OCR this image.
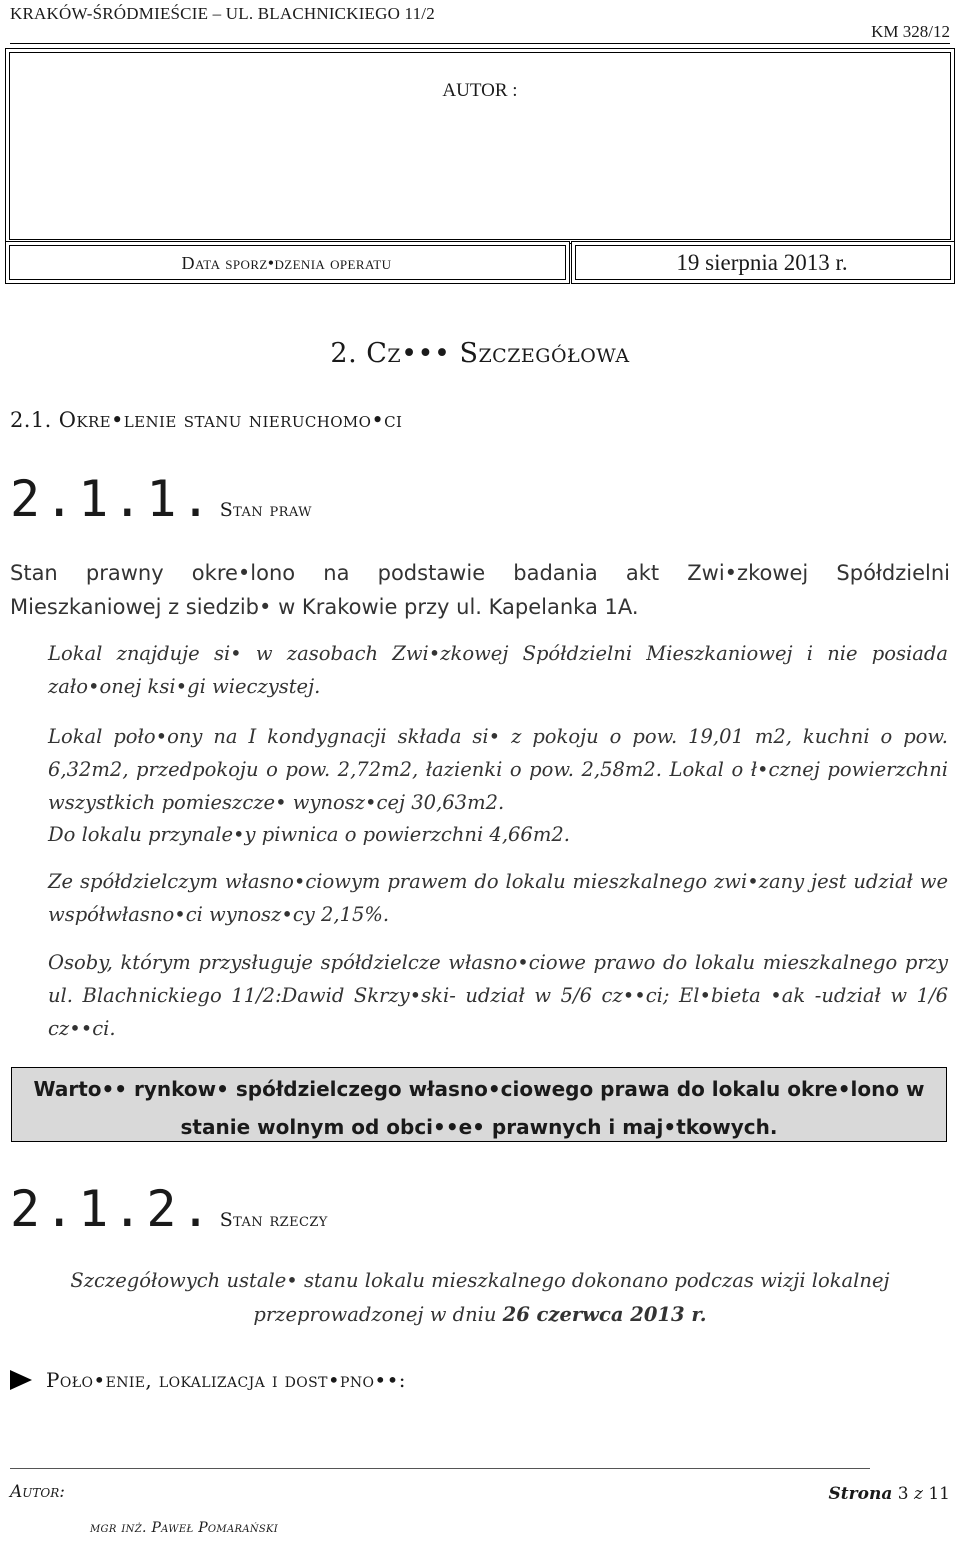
KRAKÓW-ŚRÓDMIEŚCIE – UL. BLACHNICKIEGO 11/2
KM 328/12
AUTOR :
Data sporz•dzenia operatu	19 sierpnia 2013 r.
2. Cz••• Szczegółowa
2.1. Okre•lenie stanu nieruchomo•ci
2.1.1. Stan praw
Stan prawny okre•lono na podstawie badania akt Zwi•zkowej Spółdzielni
Mieszkaniowej z siedzib• w Krakowie przy ul. Kapelanka 1A.

Lokal znajduje si• w zasobach Zwi•zkowej Spółdzielni Mieszkaniowej i nie posiada zało•onej ksi•gi wieczystej.

Lokal poło•ony na I kondygnacji składa si• z pokoju o pow. 19,01 m2, kuchni o pow. 6,32m2, przedpokoju o pow. 2,72m2, łazienki o pow. 2,58m2. Lokal o ł•cznej powierzchni wszystkich pomieszcze• wynosz•cej 30,63m2.

Do lokalu przynale•y piwnica o powierzchni 4,66m2.

Ze spółdzielczym własno•ciowym prawem do lokalu mieszkalnego zwi•zany jest udział we współwłasno•ci wynosz•cy 2,15%.

Osoby, którym przysługuje spółdzielcze własno•ciowe prawo do lokalu mieszkalnego przy ul. Blachnickiego 11/2:Dawid Skrzy•ski- udział w 5/6 cz••ci; El•bieta •ak -udział w 1/6 cz••ci.

Warto•• rynkow• spółdzielczego własno•ciowego prawa do lokalu okre•lono w stanie wolnym od obci••e• prawnych i maj•tkowych.
2.1.2. Stan rzeczy
Szczegółowych ustale• stanu lokalu mieszkalnego dokonano podczas wizji lokalnej przeprowadzonej w dniu 26 czerwca 2013 r.
Poło•enie, lokalizacja i dost•pno••:
Autor:
mgr inż. Paweł Pomarański
Strona 3 z 11
